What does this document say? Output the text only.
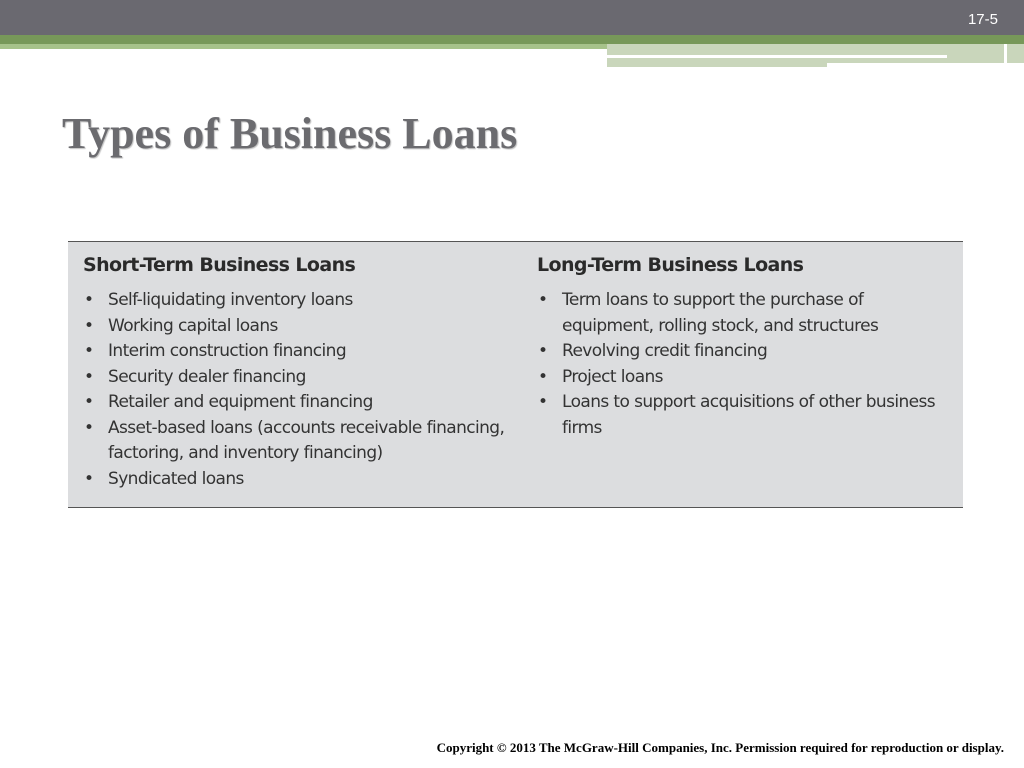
17-5
Types of Business Loans
Short-Term Business Loans
• Self-liquidating inventory loans
• Working capital loans
• Interim construction financing
• Security dealer financing
• Retailer and equipment financing
• Asset-based loans (accounts receivable financing, factoring, and inventory financing)
• Syndicated loans
Long-Term Business Loans
• Term loans to support the purchase of equipment, rolling stock, and structures
• Revolving credit financing
• Project loans
• Loans to support acquisitions of other business firms
Copyright © 2013 The McGraw-Hill Companies, Inc. Permission required for reproduction or display.
